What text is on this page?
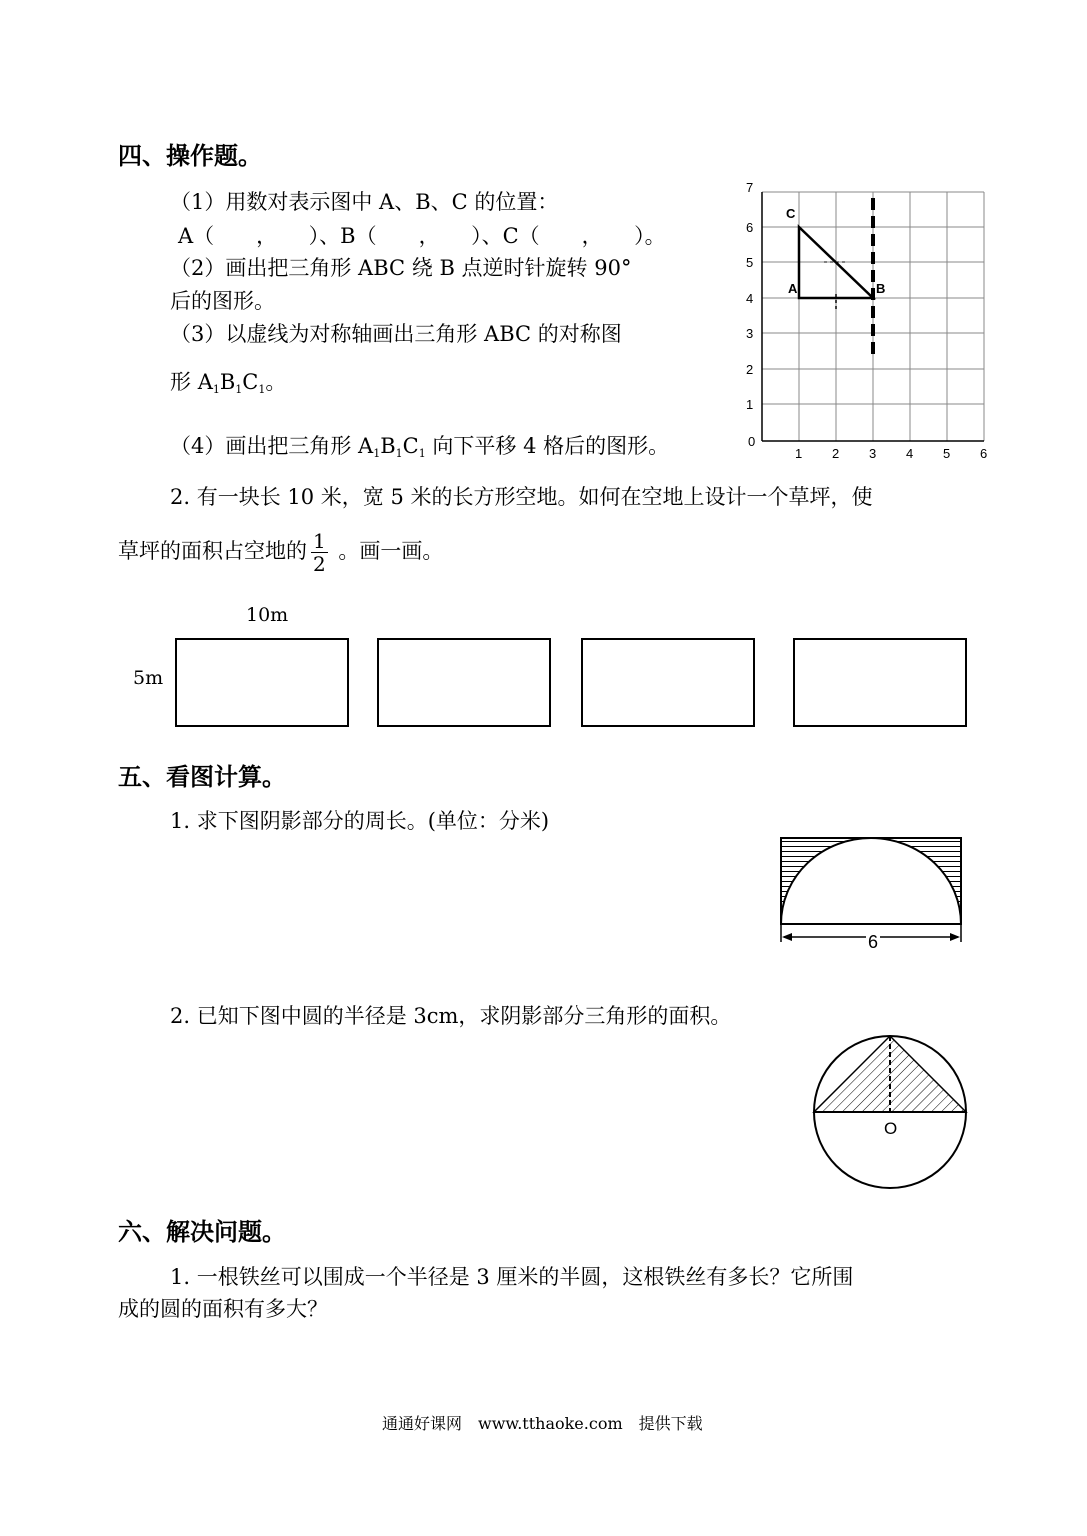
四、操作题。
（1）用数对表示图中 A、B、C 的位置：
A（　　，　　）、B（　　，　　）、C（　　，　　）。
（2）画出把三角形 ABC 绕 B 点逆时针旋转 90°
后的图形。
（3）以虚线为对称轴画出三角形 ABC 的对称图
形 $A_1B_1C_1$。
（4）画出把三角形 $A_1B_1C_1$ 向下平移 4 格后的图形。
C
A	B
1
2
3
4
5
6
7
0
1 2 3 4 5 6
2. 有一块长 10 米，宽 5 米的长方形空地。如何在空地上设计一个草坪，使
草坪的面积占空地的 $\frac{1}{2}$ 。画一画。
10m
5m
五、看图计算。
1. 求下图阴影部分的周长。(单位：分米)
6
2. 已知下图中圆的半径是 3cm，求阴影部分三角形的面积。
O
六、解决问题。
1. 一根铁丝可以围成一个半径是 3 厘米的半圆，这根铁丝有多长？它所围
成的圆的面积有多大？
通通好课网　www.tthaoke.com　提供下载
